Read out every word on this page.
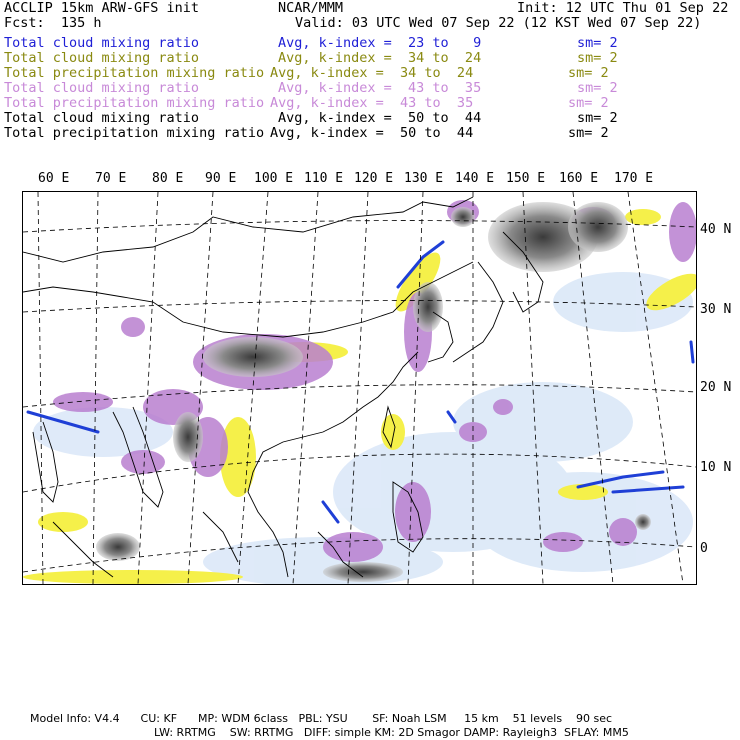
ACCLIP 15km ARW-GFS init	NCAR/MMM	Init: 12 UTC Thu 01 Sep 22
Fcst:  135 h	Valid: 03 UTC Wed 07 Sep 22 (12 KST Wed 07 Sep 22)
Total cloud mixing ratio	Avg, k-index =  23 to   9	sm= 2
Total cloud mixing ratio	Avg, k-index =  34 to  24	sm= 2
Total precipitation mixing ratio Avg, k-index =  34 to  24	sm= 2
Total cloud mixing ratio	Avg, k-index =  43 to  35	sm= 2
Total precipitation mixing ratio Avg, k-index =  43 to  35	sm= 2
Total cloud mixing ratio	Avg, k-index =  50 to  44	sm= 2
Total precipitation mixing ratio Avg, k-index =  50 to  44	sm= 2
60 E 70 E 80 E 90 E 100 E 110 E 120 E 130 E 140 E 150 E 160 E 170 E
40 N
30 N
20 N
10 N
0
Model Info: V4.4      CU: KF      MP: WDM 6class   PBL: YSU       SF: Noah LSM     15 km    51 levels    90 sec
LW: RRTMG    SW: RRTMG   DIFF: simple KM: 2D Smagor DAMP: Rayleigh3  SFLAY: MM5
